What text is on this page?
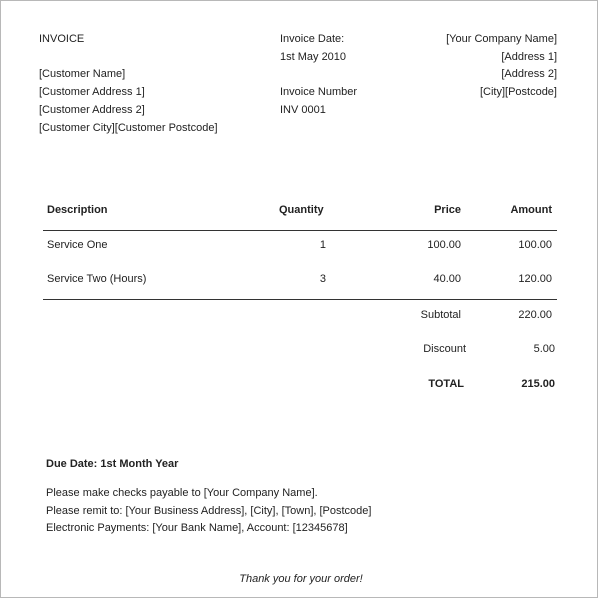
INVOICE
[Customer Name]
[Customer Address 1]
[Customer Address 2]
[Customer City][Customer Postcode]
Invoice Date:
1st May 2010
Invoice Number
INV 0001
[Your Company Name]
[Address 1]
[Address 2]
[City][Postcode]
Description	Quantity	Price	Amount
Service One	1	100.00	100.00
Service Two (Hours)	3	40.00	120.00
Subtotal	220.00
Discount	5.00
TOTAL	215.00
Due Date: 1st Month Year
Please make checks payable to [Your Company Name].
Please remit to: [Your Business Address], [City], [Town], [Postcode]
Electronic Payments: [Your Bank Name], Account: [12345678]
Thank you for your order!
